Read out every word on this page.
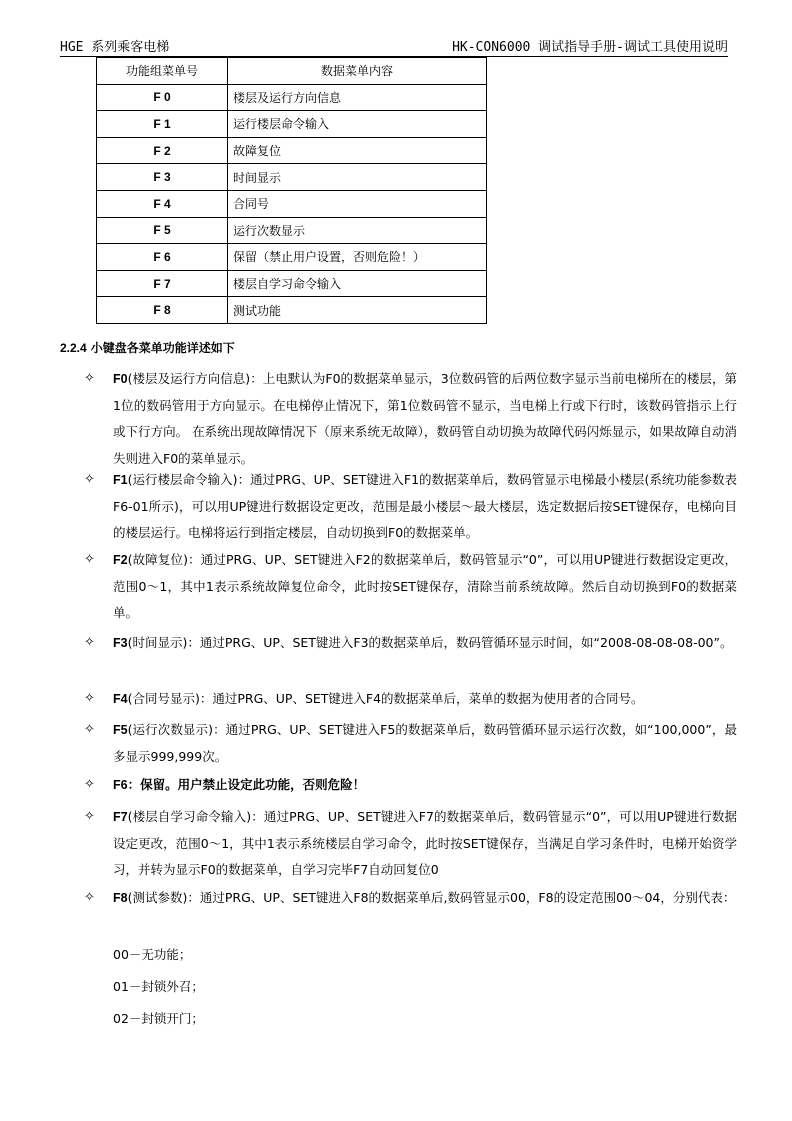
HGE 系列乘客电梯	HK-CON6000 调试指导手册-调试工具使用说明
功能组菜单号	数据菜单内容
F 0	楼层及运行方向信息
F 1	运行楼层命令输入
F 2	故障复位
F 3	时间显示
F 4	合同号
F 5	运行次数显示
F 6	保留（禁止用户设置，否则危险！）
F 7	楼层自学习命令输入
F 8	测试功能
2.2.4 小键盘各菜单功能详述如下
✧ F0(楼层及运行方向信息)：上电默认为F0的数据菜单显示，3位数码管的后两位数字显示当前电梯所在的楼层，第1位的数码管用于方向显示。在电梯停止情况下，第1位数码管不显示，当电梯上行或下行时，该数码管指示上行或下行方向。 在系统出现故障情况下（原来系统无故障），数码管自动切换为故障代码闪烁显示，如果故障自动消失则进入F0的菜单显示。
✧ F1(运行楼层命令输入)：通过PRG、UP、SET键进入F1的数据菜单后，数码管显示电梯最小楼层(系统功能参数表F6-01所示)，可以用UP键进行数据设定更改，范围是最小楼层～最大楼层，选定数据后按SET键保存，电梯向目的楼层运行。电梯将运行到指定楼层，自动切换到F0的数据菜单。
✧ F2(故障复位)：通过PRG、UP、SET键进入F2的数据菜单后，数码管显示“0”，可以用UP键进行数据设定更改，范围0～1，其中1表示系统故障复位命令，此时按SET键保存，清除当前系统故障。然后自动切换到F0的数据菜单。
✧ F3(时间显示)：通过PRG、UP、SET键进入F3的数据菜单后，数码管循环显示时间，如“2008-08-08-08-00”。
✧ F4(合同号显示)：通过PRG、UP、SET键进入F4的数据菜单后，菜单的数据为使用者的合同号。
✧ F5(运行次数显示)：通过PRG、UP、SET键进入F5的数据菜单后，数码管循环显示运行次数，如“100,000”，最多显示999,999次。
✧ F6：保留。用户禁止设定此功能，否则危险！
✧ F7(楼层自学习命令输入)：通过PRG、UP、SET键进入F7的数据菜单后，数码管显示“0”，可以用UP键进行数据设定更改，范围0～1，其中1表示系统楼层自学习命令，此时按SET键保存，当满足自学习条件时，电梯开始资学习，并转为显示F0的数据菜单，自学习完毕F7自动回复位0
✧ F8(测试参数)：通过PRG、UP、SET键进入F8的数据菜单后,数码管显示00，F8的设定范围00～04，分别代表：
00－无功能；
01－封锁外召；
02－封锁开门；
